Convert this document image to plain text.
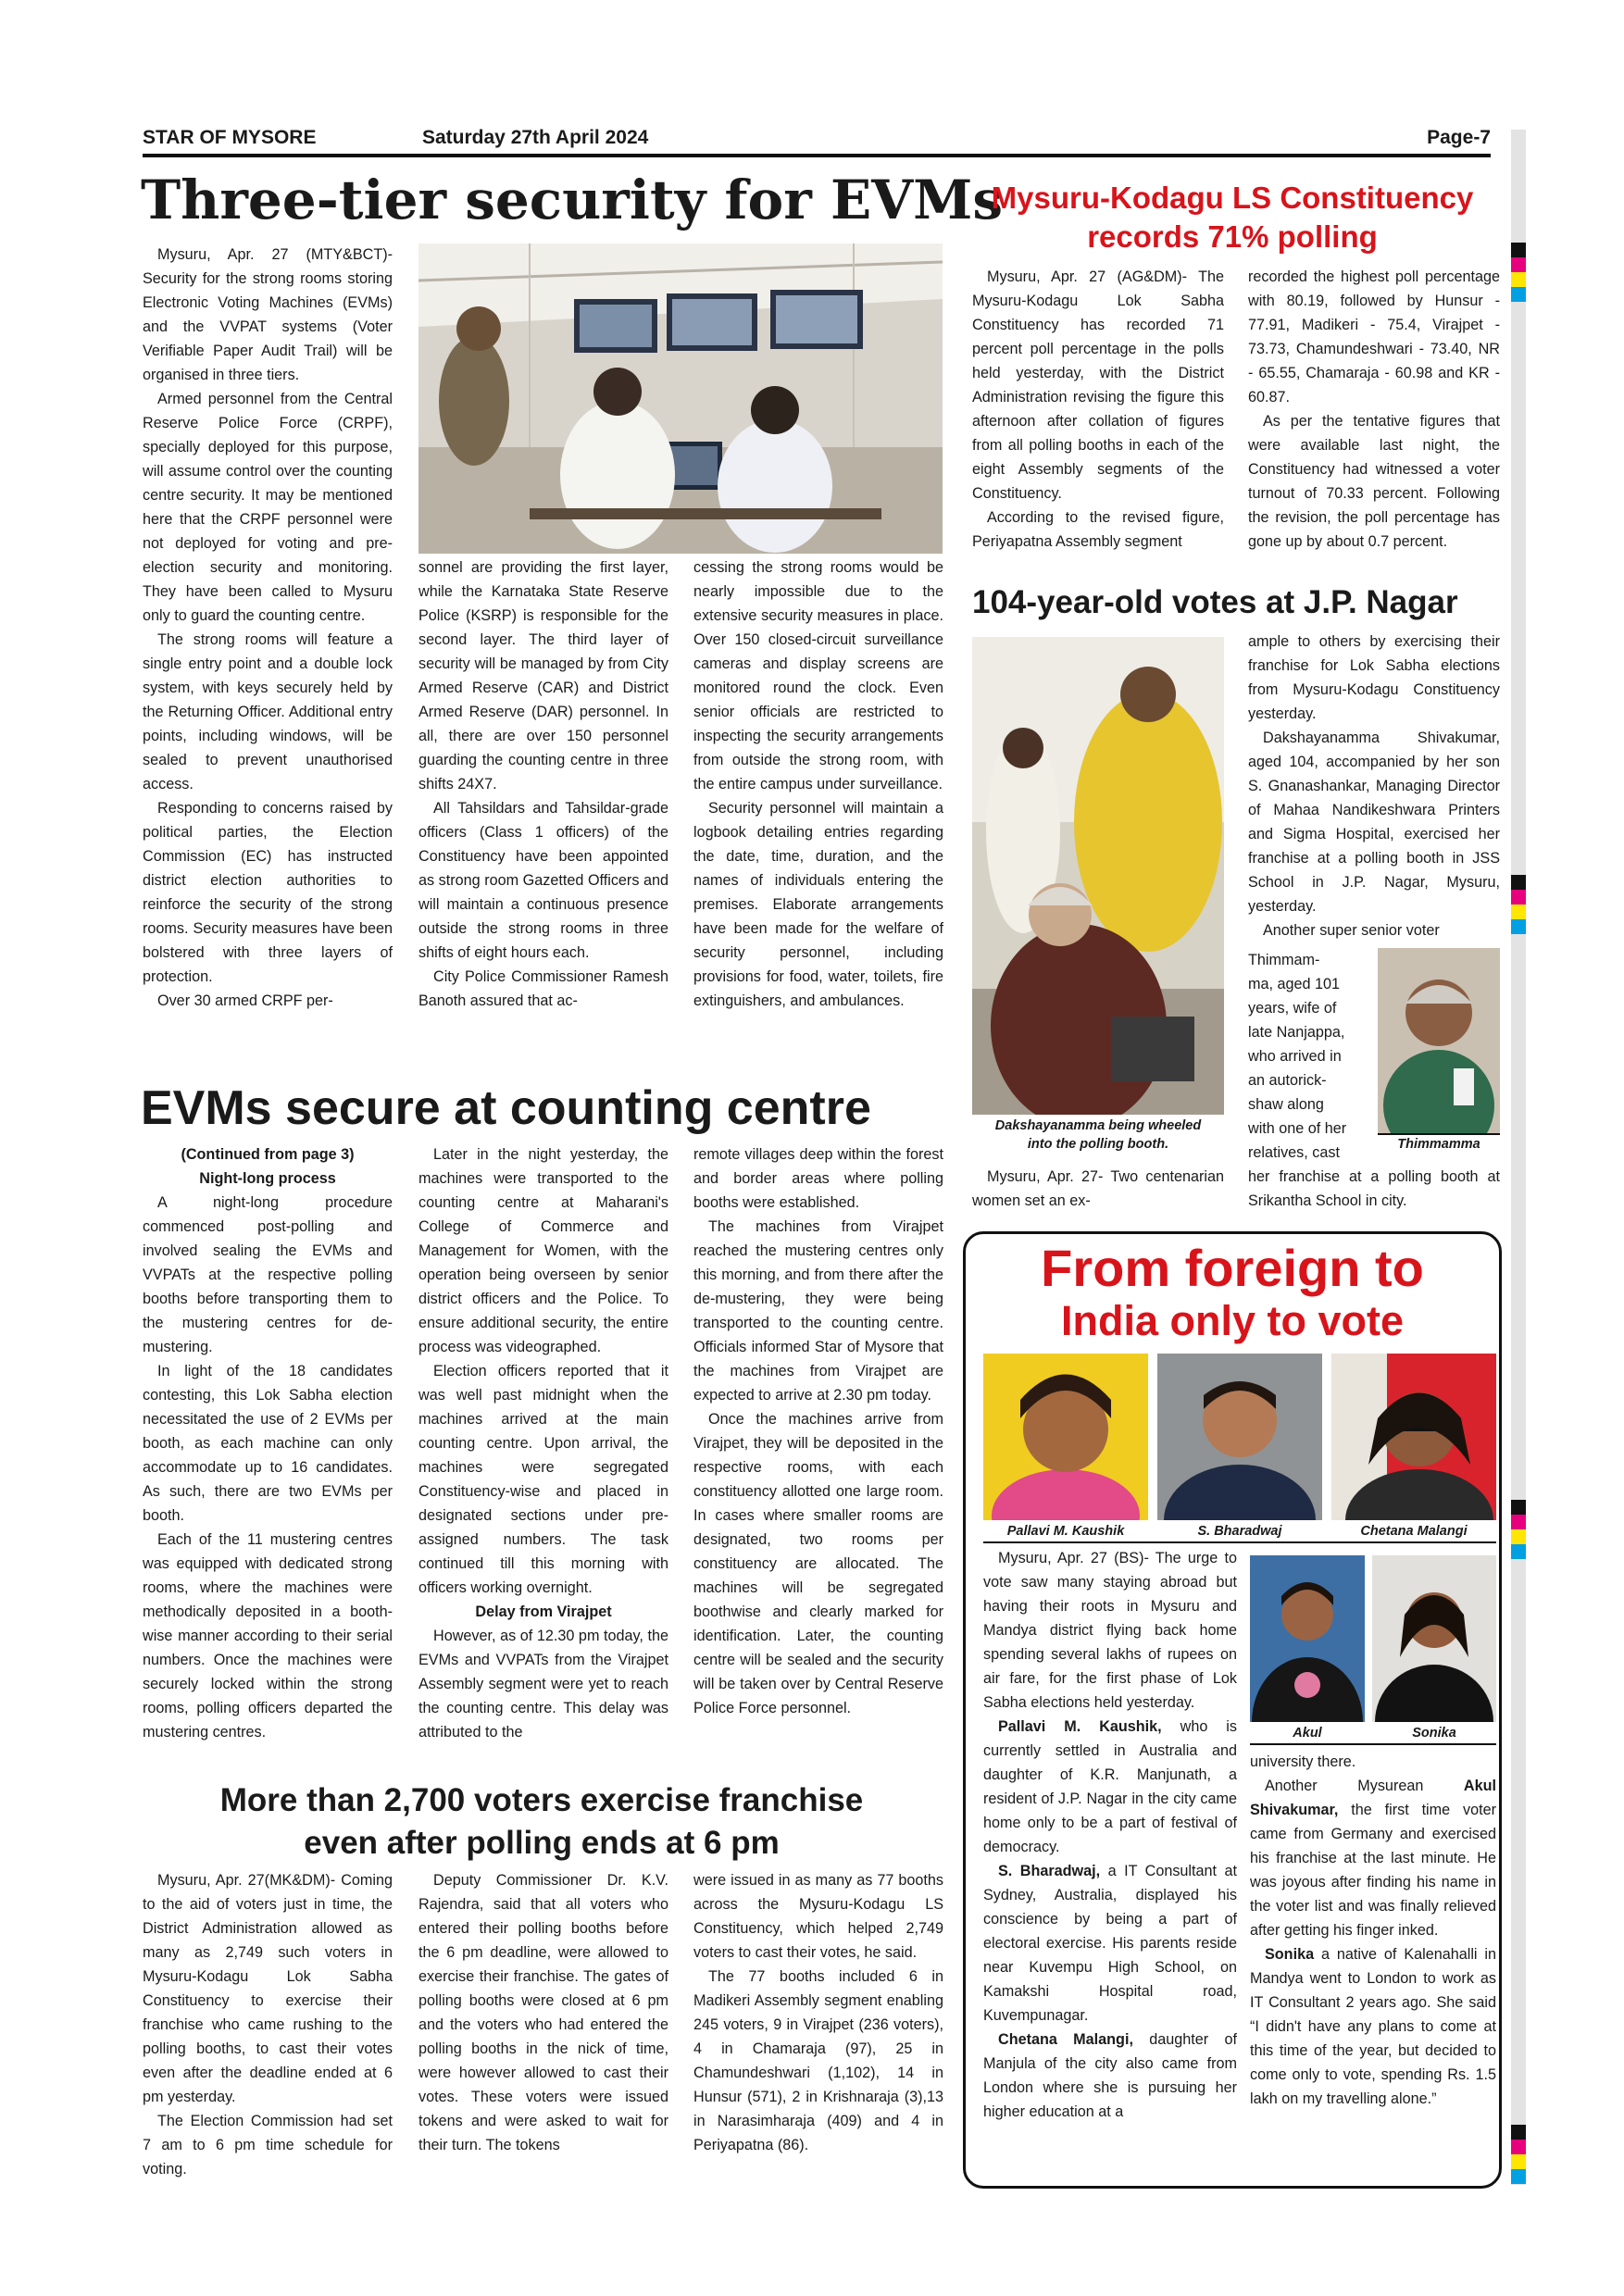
STAR OF MYSORE	Saturday 27th April 2024	Page-7
Three-tier security for EVMs

Mysuru, Apr. 27 (MTY&BCT)- Security for the strong rooms storing Electronic Voting Machines (EVMs) and the VVPAT systems (Voter Verifiable Paper Audit Trail) will be organised in three tiers.

Armed personnel from the Central Reserve Police Force (CRPF), specially deployed for this purpose, will assume control over the counting centre security. It may be mentioned here that the CRPF personnel were not deployed for voting and pre-election security and monitoring. They have been called to Mysuru only to guard the counting centre.

The strong rooms will feature a single entry point and a double lock system, with keys securely held by the Returning Officer. Additional entry points, including windows, will be sealed to prevent unauthorised access.

Responding to concerns raised by political parties, the Election Commission (EC) has instructed district election authorities to reinforce the security of the strong rooms. Security measures have been bolstered with three layers of protection.

Over 30 armed CRPF per-

sonnel are providing the first layer, while the Karnataka State Reserve Police (KSRP) is responsible for the second layer. The third layer of security will be managed by from City Armed Reserve (CAR) and District Armed Reserve (DAR) personnel. In all, there are over 150 personnel guarding the counting centre in three shifts 24X7.

All Tahsildars and Tahsildar-grade officers (Class 1 officers) of the Constituency have been appointed as strong room Gazetted Officers and will maintain a continuous presence outside the strong rooms in three shifts of eight hours each.

City Police Commissioner Ramesh Banoth assured that ac-

cessing the strong rooms would be nearly impossible due to the extensive security measures in place. Over 150 closed-circuit surveillance cameras and display screens are monitored round the clock. Even senior officials are restricted to inspecting the security arrangements from outside the strong room, with the entire campus under surveillance.

Security personnel will maintain a logbook detailing entries regarding the date, time, duration, and the names of individuals entering the premises. Elaborate arrangements have been made for the welfare of security personnel, including provisions for food, water, toilets, fire extinguishers, and ambulances.

Mysuru-Kodagu LS Constituency
records 71% polling

Mysuru, Apr. 27 (AG&DM)- The Mysuru-Kodagu Lok Sabha Constituency has recorded 71 percent poll percentage in the polls held yesterday, with the District Administration revising the figure this afternoon after collation of figures from all polling booths in each of the eight Assembly segments of the Constituency.

According to the revised figure, Periyapatna Assembly segment

recorded the highest poll percentage with 80.19, followed by Hunsur - 77.91, Madikeri - 75.4, Virajpet - 73.73, Chamundeshwari - 73.40, NR - 65.55, Chamaraja - 60.98 and KR - 60.87.

As per the tentative figures that were available last night, the Constituency had witnessed a voter turnout of 70.33 percent. Following the revision, the poll percentage has gone up by about 0.7 percent.

104-year-old votes at J.P. Nagar
Dakshayanamma being wheeled
into the polling booth.

Mysuru, Apr. 27- Two centenarian women set an ex-

ample to others by exercising their franchise for Lok Sabha elections from Mysuru-Kodagu Constituency yesterday.

Dakshayanamma Shivakumar, aged 104, accompanied by her son S. Gnanashankar, Managing Director of Mahaa Nandikeshwara Printers and Sigma Hospital, exercised her franchise at a polling booth in JSS School in J.P. Nagar, Mysuru, yesterday.

Another super senior voter

Thimmam-

ma, aged 101

years, wife of

late Nanjappa,

who arrived in

an autorick-

shaw along

with one of her

relatives, cast	Thimmamma

her franchise at a polling booth at Srikantha School in city.

EVMs secure at counting centre

(Continued from page 3)

Night-long process

A night-long procedure commenced post-polling and involved sealing the EVMs and VVPATs at the respective polling booths before transporting them to the mustering centres for de-mustering.

In light of the 18 candidates contesting, this Lok Sabha election necessitated the use of 2 EVMs per booth, as each machine can only accommodate up to 16 candidates. As such, there are two EVMs per booth.

Each of the 11 mustering centres was equipped with dedicated strong rooms, where the machines were methodically deposited in a booth-wise manner according to their serial numbers. Once the machines were securely locked within the strong rooms, polling officers departed the mustering centres.

Later in the night yesterday, the machines were transported to the counting centre at Maharani's College of Commerce and Management for Women, with the operation being overseen by senior district officers and the Police. To ensure additional security, the entire process was videographed.

Election officers reported that it was well past midnight when the machines arrived at the main counting centre. Upon arrival, the machines were segregated Constituency-wise and placed in designated sections under pre-assigned numbers. The task continued till this morning with officers working overnight.

Delay from Virajpet

However, as of 12.30 pm today, the EVMs and VVPATs from the Virajpet Assembly segment were yet to reach the counting centre. This delay was attributed to the

remote villages deep within the forest and border areas where polling booths were established.

The machines from Virajpet reached the mustering centres only this morning, and from there after the de-mustering, they were being transported to the counting centre. Officials informed Star of Mysore that the machines from Virajpet are expected to arrive at 2.30 pm today.

Once the machines arrive from Virajpet, they will be deposited in the respective rooms, with each constituency allotted one large room. In cases where smaller rooms are designated, two rooms per constituency are allocated. The machines will be segregated boothwise and clearly marked for identification. Later, the counting centre will be sealed and the security will be taken over by Central Reserve Police Force personnel.

More than 2,700 voters exercise franchise
even after polling ends at 6 pm

Mysuru, Apr. 27(MK&DM)- Coming to the aid of voters just in time, the District Administration allowed as many as 2,749 such voters in Mysuru-Kodagu Lok Sabha Constituency to exercise their franchise who came rushing to the polling booths, to cast their votes even after the deadline ended at 6 pm yesterday.

The Election Commission had set 7 am to 6 pm time schedule for voting.

Deputy Commissioner Dr. K.V. Rajendra, said that all voters who entered their polling booths before the 6 pm deadline, were allowed to exercise their franchise. The gates of polling booths were closed at 6 pm and the voters who had entered the polling booths in the nick of time, were however allowed to cast their votes. These voters were issued tokens and were asked to wait for their turn. The tokens

were issued in as many as 77 booths across the Mysuru-Kodagu LS Constituency, which helped 2,749 voters to cast their votes, he said.

The 77 booths included 6 in Madikeri Assembly segment enabling 245 voters, 9 in Virajpet (236 voters), 4 in Chamaraja (97), 25 in Chamundeshwari (1,102), 14 in Hunsur (571), 2 in Krishnaraja (3),13 in Narasimharaja (409) and 4 in Periyapatna (86).

From foreign to
India only to vote
Pallavi M. Kaushik	S. Bharadwaj	Chetana Malangi
Akul	Sonika

Mysuru, Apr. 27 (BS)- The urge to vote saw many staying abroad but having their roots in Mysuru and Mandya district flying back home spending several lakhs of rupees on air fare, for the first phase of Lok Sabha elections held yesterday.

Pallavi M. Kaushik, who is currently settled in Australia and daughter of K.R. Manjunath, a resident of J.P. Nagar in the city came home only to be a part of festival of democracy.

S. Bharadwaj, a IT Consultant at Sydney, Australia, displayed his conscience by being a part of electoral exercise. His parents reside near Kuvempu High School, on Kamakshi Hospital road, Kuvempunagar.

Chetana Malangi, daughter of Manjula of the city also came from London where she is pursuing her higher education at a

university there.

Another Mysurean Akul Shivakumar, the first time voter came from Germany and exercised his franchise at the last minute. He was joyous after finding his name in the voter list and was finally relieved after getting his finger inked.

Sonika a native of Kalenahalli in Mandya went to London to work as IT Consultant 2 years ago. She said “I didn't have any plans to come at this time of the year, but decided to come only to vote, spending Rs. 1.5 lakh on my travelling alone.”
